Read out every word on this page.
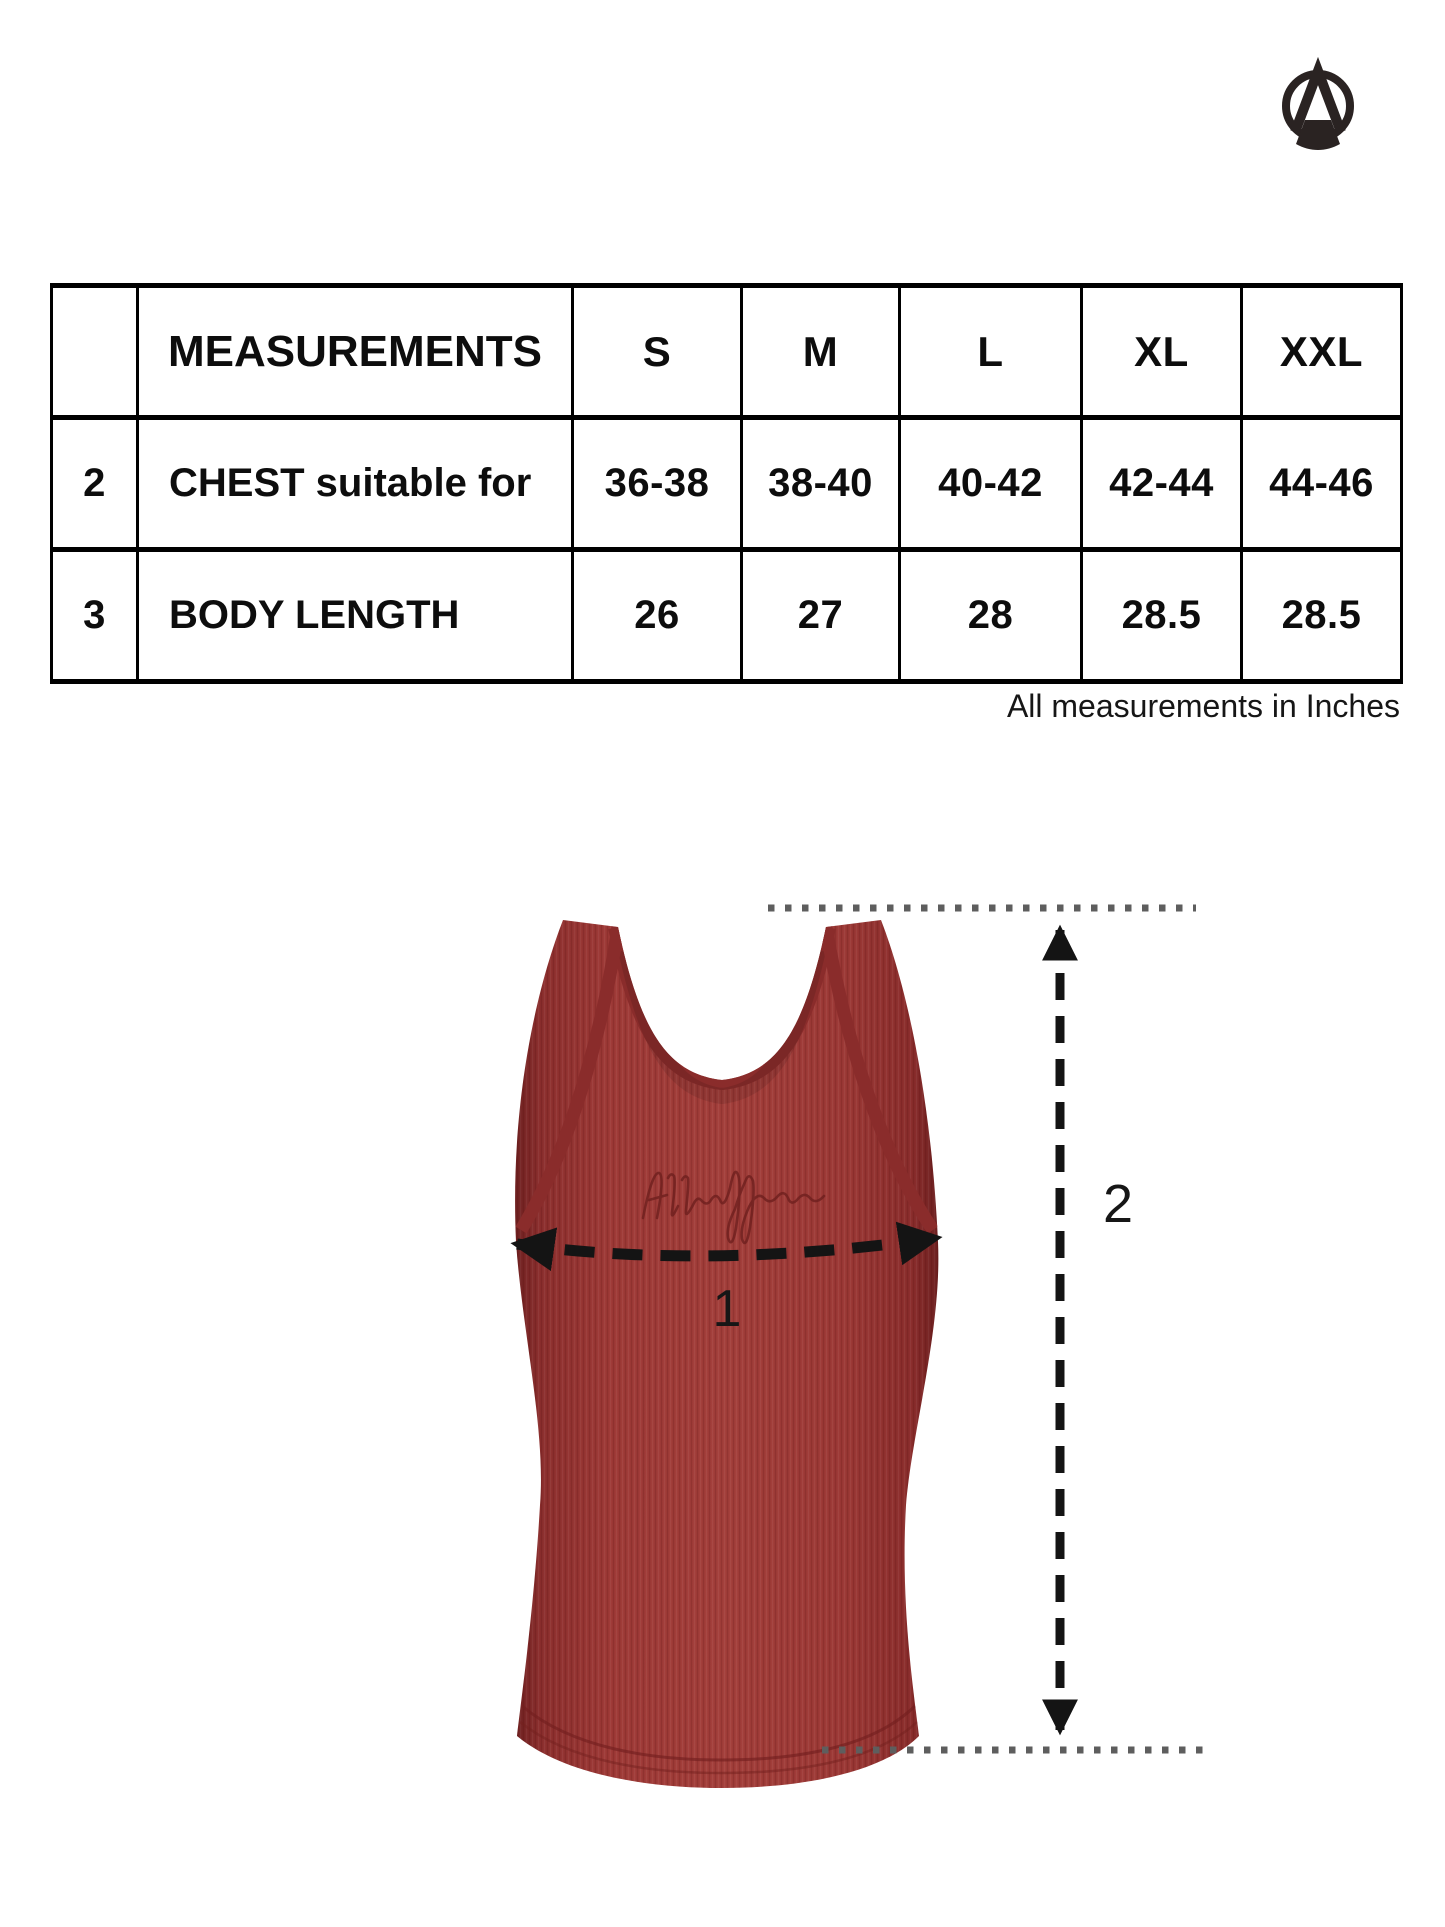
	MEASUREMENTS	S	M	L	XL	XXL
2	CHEST suitable for	36-38	38-40	40-42	42-44	44-46
3	BODY LENGTH	26	27	28	28.5	28.5
All measurements in Inches
1
2
